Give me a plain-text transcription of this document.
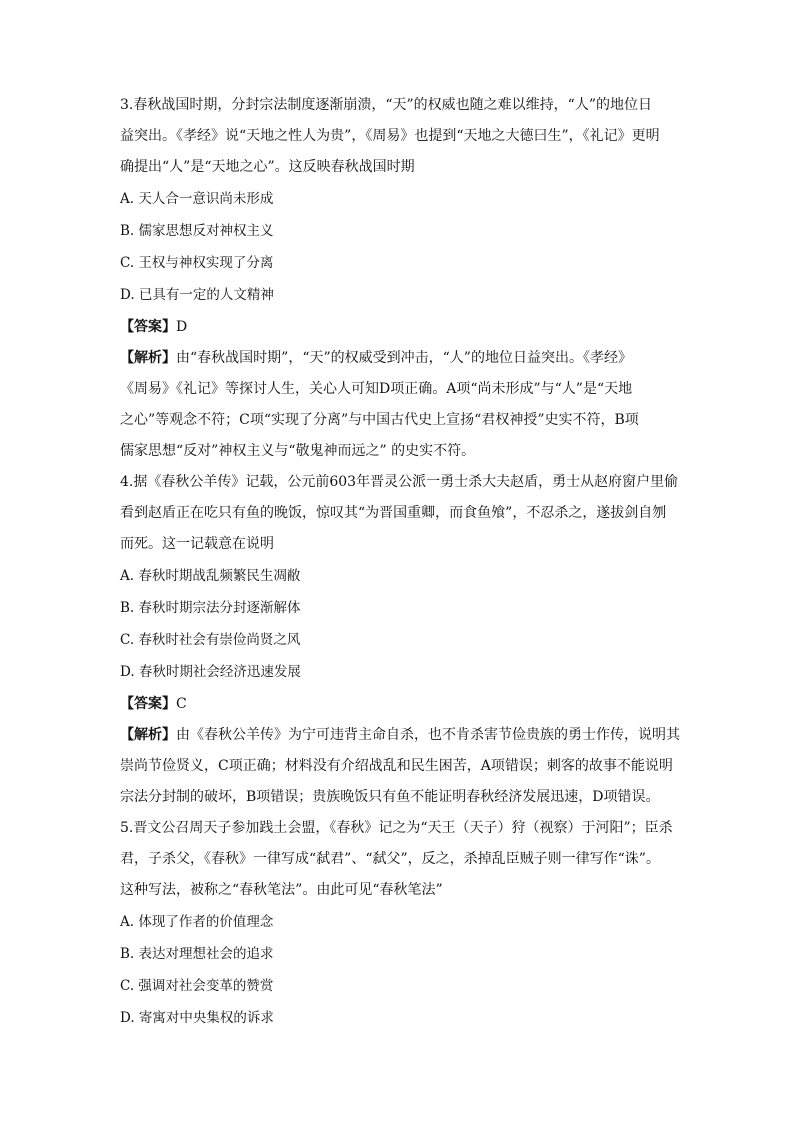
3.春秋战国时期，分封宗法制度逐渐崩溃，“天”的权威也随之难以维持，“人”的地位日
益突出。《孝经》说“天地之性人为贵”，《周易》也提到“天地之大德曰生”，《礼记》更明
确提出“人”是“天地之心”。这反映春秋战国时期
A. 天人合一意识尚未形成
B. 儒家思想反对神权主义
C. 王权与神权实现了分离
D. 已具有一定的人文精神
【答案】D
【解析】由“春秋战国时期”，“天”的权威受到冲击，“人”的地位日益突出。《孝经》
《周易》《礼记》等探讨人生，关心人可知D项正确。A项“尚未形成”与“人”是“天地
之心”等观念不符；C项“实现了分离”与中国古代史上宣扬“君权神授”史实不符，B项
儒家思想“反对”神权主义与“敬鬼神而远之” 的史实不符。
4.据《春秋公羊传》记载，公元前603年晋灵公派一勇士杀大夫赵盾，勇士从赵府窗户里偷
看到赵盾正在吃只有鱼的晚饭，惊叹其“为晋国重卿，而食鱼飧”，不忍杀之，遂拔剑自刎
而死。这一记载意在说明
A. 春秋时期战乱频繁民生凋敝
B. 春秋时期宗法分封逐渐解体
C. 春秋时社会有崇俭尚贤之风
D. 春秋时期社会经济迅速发展
【答案】C
【解析】由《春秋公羊传》为宁可违背主命自杀，也不肯杀害节俭贵族的勇士作传，说明其
崇尚节俭贤义，C项正确；材料没有介绍战乱和民生困苦，A项错误；刺客的故事不能说明
宗法分封制的破坏，B项错误；贵族晚饭只有鱼不能证明春秋经济发展迅速，D项错误。
5.晋文公召周天子参加践土会盟，《春秋》记之为“天王（天子）狩（视察）于河阳”；臣杀
君，子杀父，《春秋》一律写成“弑君”、“弑父”，反之，杀掉乱臣贼子则一律写作“诛”。
这种写法，被称之“春秋笔法”。由此可见“春秋笔法”
A. 体现了作者的价值理念
B. 表达对理想社会的追求
C. 强调对社会变革的赞赏
D. 寄寓对中央集权的诉求
